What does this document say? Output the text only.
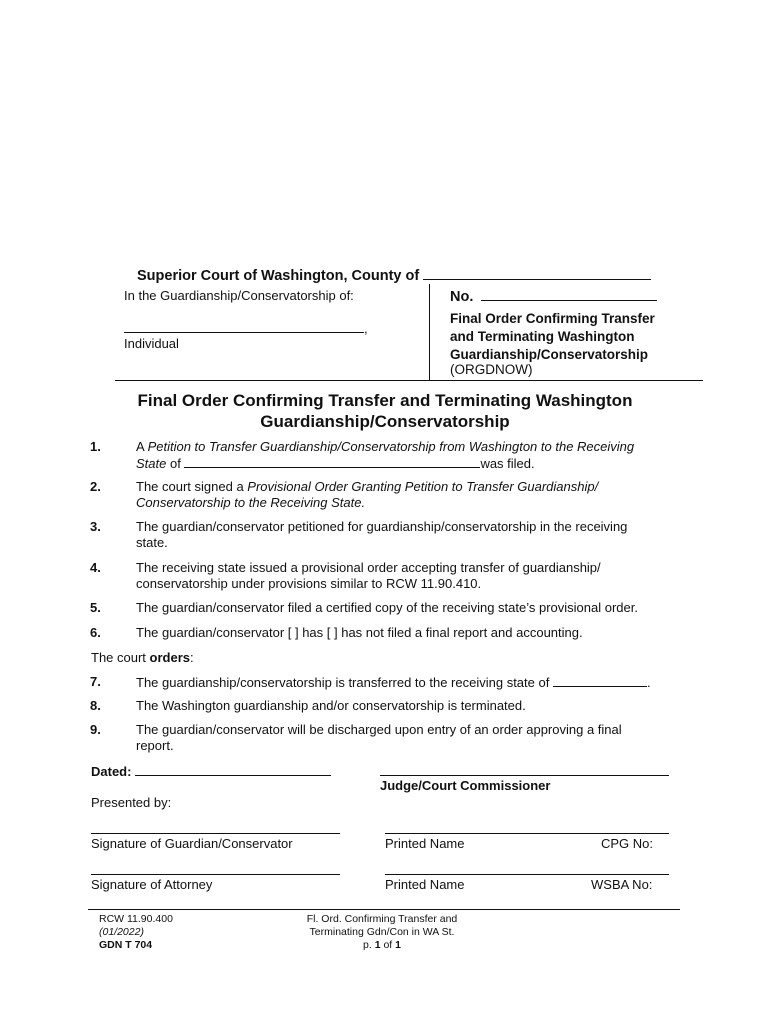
Superior Court of Washington, County of
In the Guardianship/Conservatorship of:
,
Individual
No.
Final Order Confirming Transfer
and Terminating Washington
Guardianship/Conservatorship
(ORGDNOW)
Final Order Confirming Transfer and Terminating Washington
Guardianship/Conservatorship
1.	A Petition to Transfer Guardianship/Conservatorship from Washington to the Receiving
State of	was filed.
2.	The court signed a Provisional Order Granting Petition to Transfer Guardianship/
Conservatorship to the Receiving State.
3.	The guardian/conservator petitioned for guardianship/conservatorship in the receiving
state.
4.	The receiving state issued a provisional order accepting transfer of guardianship/
conservatorship under provisions similar to RCW 11.90.410.
5.	The guardian/conservator filed a certified copy of the receiving state’s provisional order.
6.	The guardian/conservator [ ] has [ ] has not filed a final report and accounting.
The court orders:
7.	The guardianship/conservatorship is transferred to the receiving state of	.
8.	The Washington guardianship and/or conservatorship is terminated.
9.	The guardian/conservator will be discharged upon entry of an order approving a final
report.
Dated:
Judge/Court Commissioner
Presented by:
Signature of Guardian/Conservator	Printed Name	CPG No:
Signature of Attorney	Printed Name	WSBA No:
RCW 11.90.400
(01/2022)
GDN T 704
Fl. Ord. Confirming Transfer and
Terminating Gdn/Con in WA St.
p. 1 of 1
